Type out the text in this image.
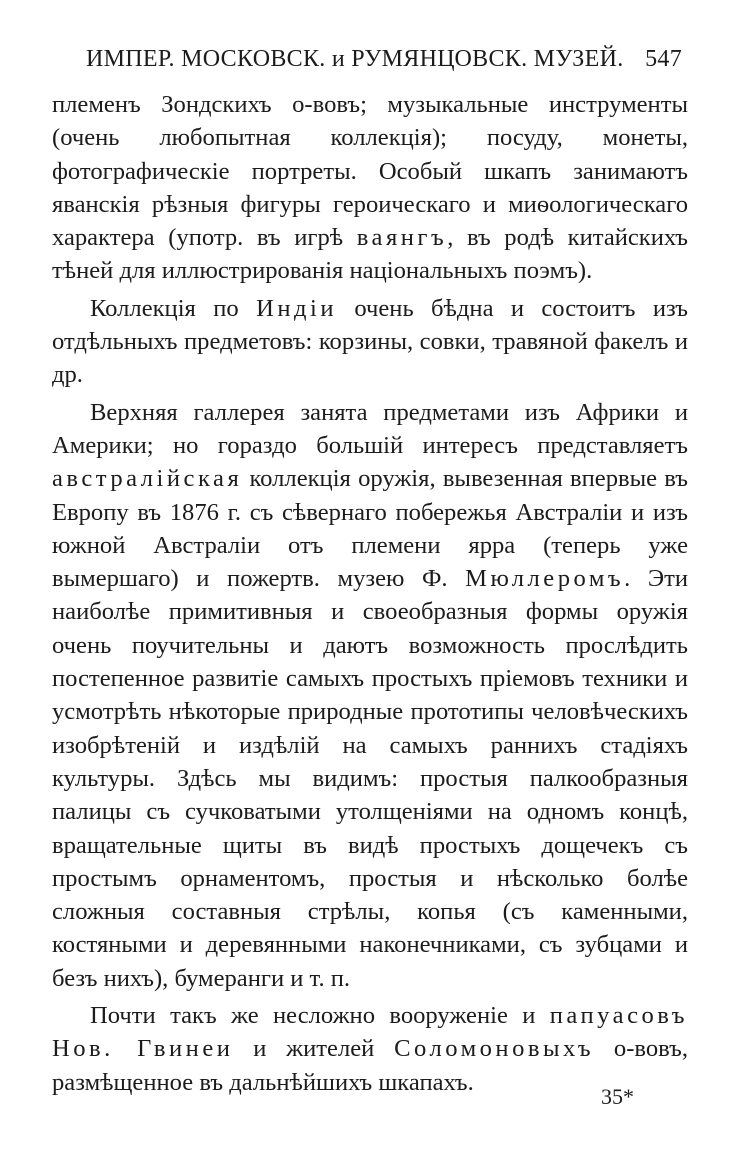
ИМПЕР. МОСКОВСК. и РУМЯНЦОВСК. МУЗЕЙ. 547

племенъ Зондскихъ о-вовъ; музыкальные инструменты (очень любопытная коллекція); посуду, монеты, фотографическіе портреты. Особый шкапъ занимаютъ яванскія рѣзныя фигуры героическаго и миѳологическаго характера (употр. въ игрѣ ваянгъ, въ родѣ китайскихъ тѣней для иллюстрированія національныхъ поэмъ).

Коллекція по Индіи очень бѣдна и состоитъ изъ отдѣльныхъ предметовъ: корзины, совки, травяной факелъ и др.

Верхняя галлерея занята предметами изъ Африки и Америки; но гораздо большій интересъ представляетъ австралійская коллекція оружія, вывезенная впервые въ Европу въ 1876 г. съ сѣвернаго побережья Австраліи и изъ южной Австраліи отъ племени ярра (теперь уже вымершаго) и пожертв. музею Ф. Мюллеромъ. Эти наиболѣе примитивныя и своеобразныя формы оружія очень поучительны и даютъ возможность прослѣдить постепенное развитіе самыхъ простыхъ пріемовъ техники и усмотрѣть нѣкоторые природные прототипы человѣческихъ изобрѣтеній и издѣлій на самыхъ раннихъ стадіяхъ культуры. Здѣсь мы видимъ: простыя палкообразныя палицы съ сучковатыми утолщеніями на одномъ концѣ, вращательные щиты въ видѣ простыхъ дощечекъ съ простымъ орнаментомъ, простыя и нѣсколько болѣе сложныя составныя стрѣлы, копья (съ каменными, костяными и деревянными наконечниками, съ зубцами и безъ нихъ), бумеранги и т. п.

Почти такъ же несложно вооруженіе и папуасовъ Нов. Гвинеи и жителей Соломоновыхъ о-вовъ, размѣщенное въ дальнѣйшихъ шкапахъ.

35*
